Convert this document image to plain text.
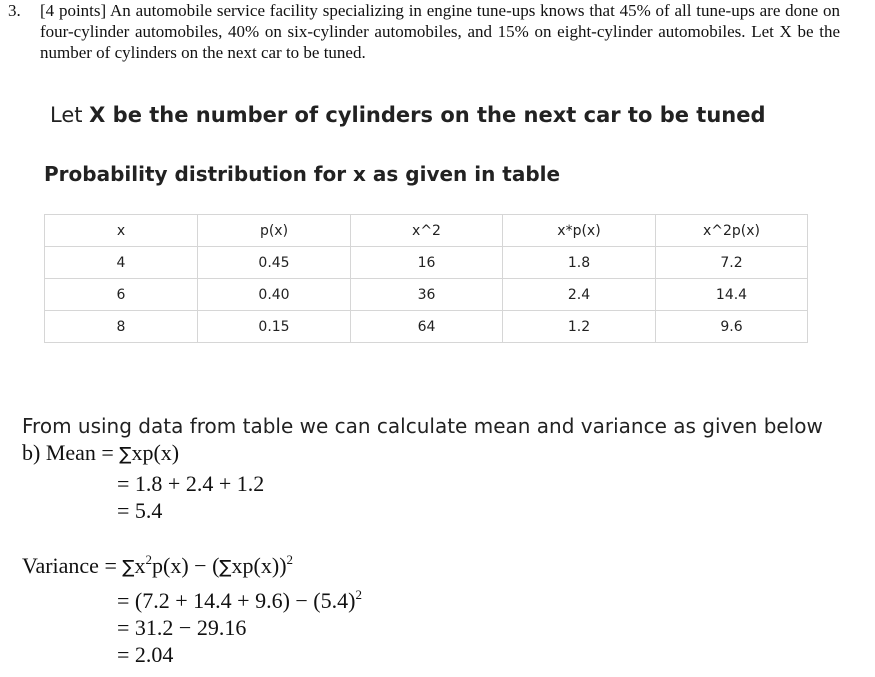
3. [4 points] An automobile service facility specializing in engine tune-ups knows that 45% of all tune-ups are done on four-cylinder automobiles, 40% on six-cylinder automobiles, and 15% on eight-cylinder automobiles. Let X be the number of cylinders on the next car to be tuned.
Let X be the number of cylinders on the next car to be tuned
Probability distribution for x as given in table
x	p(x)	x^2	x*p(x)	x^2p(x)
4	0.45	16	1.8	7.2
6	0.40	36	2.4	14.4
8	0.15	64	1.2	9.6
From using data from table we can calculate mean and variance as given below
b) Mean = ∑xp(x)
= 1.8 + 2.4 + 1.2
= 5.4
Variance = $\sum x^2p(x) - (\sum xp(x))^2$
= $(7.2 + 14.4 + 9.6) - (5.4)^2$
= 31.2 − 29.16
= 2.04
